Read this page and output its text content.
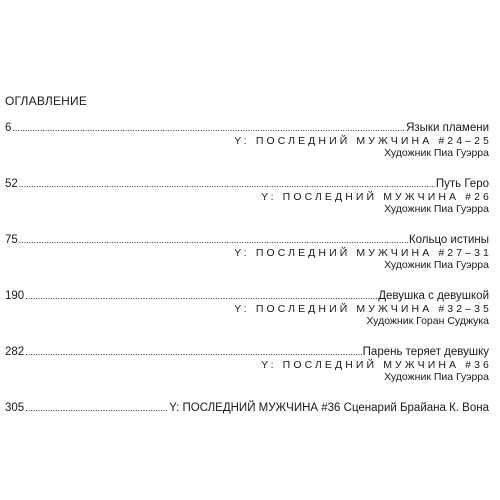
ОГЛАВЛЕНИЕ
6 .....	Языки пламени
Y: ПОСЛЕДНИЙ МУЖЧИНА #24–25
Художник Пиа Гуэрра
52 .....	Путь Геро
Y: ПОСЛЕДНИЙ МУЖЧИНА #26
Художник Пиа Гуэрра
75 .....	Кольцо истины
Y: ПОСЛЕДНИЙ МУЖЧИНА #27–31
Художник Пиа Гуэрра
190 .....	Девушка с девушкой
Y: ПОСЛЕДНИЙ МУЖЧИНА #32–35
Художник Горан Суджука
282 .....	Парень теряет девушку
Y: ПОСЛЕДНИЙ МУЖЧИНА #36
Художник Пиа Гуэрра
305 .....	Y: ПОСЛЕДНИЙ МУЖЧИНА #36 Сценарий Брайана К. Вона
